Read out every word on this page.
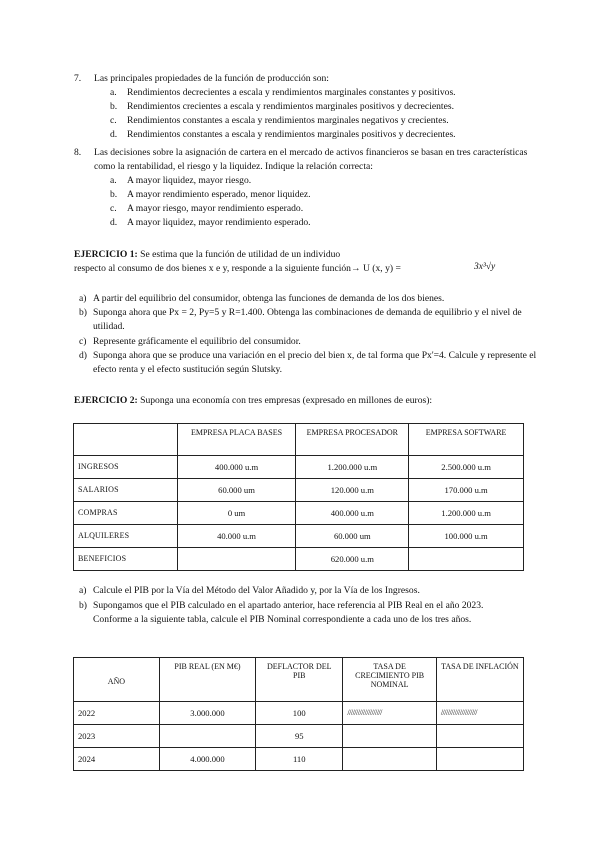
7. Las principales propiedades de la función de producción son:
a. Rendimientos decrecientes a escala y rendimientos marginales constantes y positivos.
b. Rendimientos crecientes a escala y rendimientos marginales positivos y decrecientes.
c. Rendimientos constantes a escala y rendimientos marginales negativos y crecientes.
d. Rendimientos constantes a escala y rendimientos marginales positivos y decrecientes.
8. Las decisiones sobre la asignación de cartera en el mercado de activos financieros se basan en tres características como la rentabilidad, el riesgo y la liquidez. Indique la relación correcta:
a. A mayor liquidez, mayor riesgo.
b. A mayor rendimiento esperado, menor liquidez.
c. A mayor riesgo, mayor rendimiento esperado.
d. A mayor liquidez, mayor rendimiento esperado.
EJERCICIO 1: Se estima que la función de utilidad de un individuo
respecto al consumo de dos bienes x e y, responde a la siguiente función→ U (x, y) =	3x³√y
a) A partir del equilibrio del consumidor, obtenga las funciones de demanda de los dos bienes.
b) Suponga ahora que Px = 2, Py=5 y R=1.400. Obtenga las combinaciones de demanda de equilibrio y el nivel de utilidad.
c) Represente gráficamente el equilibrio del consumidor.
d) Suponga ahora que se produce una variación en el precio del bien x, de tal forma que Px'=4. Calcule y represente el efecto renta y el efecto sustitución según Slutsky.
EJERCICIO 2: Suponga una economía con tres empresas (expresado en millones de euros):
	EMPRESA PLACA BASES	EMPRESA PROCESADOR	EMPRESA SOFTWARE
INGRESOS	400.000 u.m	1.200.000 u.m	2.500.000 u.m
SALARIOS	60.000 um	120.000 u.m	170.000 u.m
COMPRAS	0 um	400.000 u.m	1.200.000 u.m
ALQUILERES	40.000 u.m	60.000 um	100.000 u.m
BENEFICIOS		620.000 u.m	
a) Calcule el PIB por la Vía del Método del Valor Añadido y, por la Vía de los Ingresos.
b) Supongamos que el PIB calculado en el apartado anterior, hace referencia al PIB Real en el año 2023. Conforme a la siguiente tabla, calcule el PIB Nominal correspondiente a cada uno de los tres años.
AÑO	PIB REAL (EN M€)	DEFLACTOR DEL PIB	TASA DE CRECIMIENTO PIB NOMINAL	TASA DE INFLACIÓN
2022	3.000.000	100	////////////////////	/////////////////////
2023		95		
2024	4.000.000	110		
